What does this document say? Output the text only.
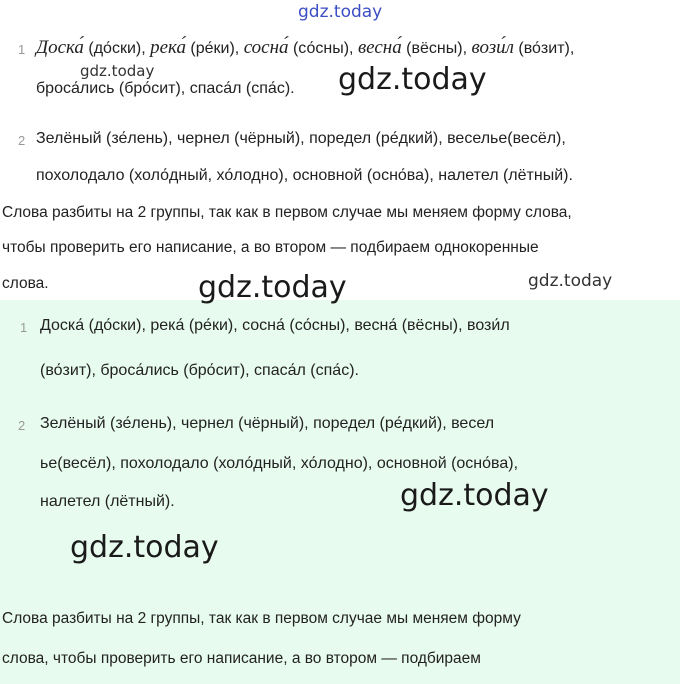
gdz.today
gdz.today	gdz.today
gdz.today	gdz.today
gdz.today
gdz.today
1 Доска́ (до́ски), река́ (ре́ки), сосна́ (со́сны), весна́ (вёсны), вози́л (во́зит),
броса́лись (бро́сит), спаса́л (спа́с).
2 Зелёный (зе́лень), чернел (чёрный), поредел (ре́дкий), веселье(весёл),
похолодало (холо́дный, хо́лодно), основной (осно́ва), налетел (лётный).
Слова разбиты на 2 группы, так как в первом случае мы меняем форму слова,
чтобы проверить его написание, а во втором — подбираем однокоренные
слова.
1 Доска́ (до́ски), река́ (ре́ки), сосна́ (со́сны), весна́ (вёсны), вози́л
(во́зит), броса́лись (бро́сит), спаса́л (спа́с).
2 Зелёный (зе́лень), чернел (чёрный), поредел (ре́дкий), весел
ье(весёл), похолодало (холо́дный, хо́лодно), основной (осно́ва),
налетел (лётный).
Слова разбиты на 2 группы, так как в первом случае мы меняем форму
слова, чтобы проверить его написание, а во втором — подбираем
